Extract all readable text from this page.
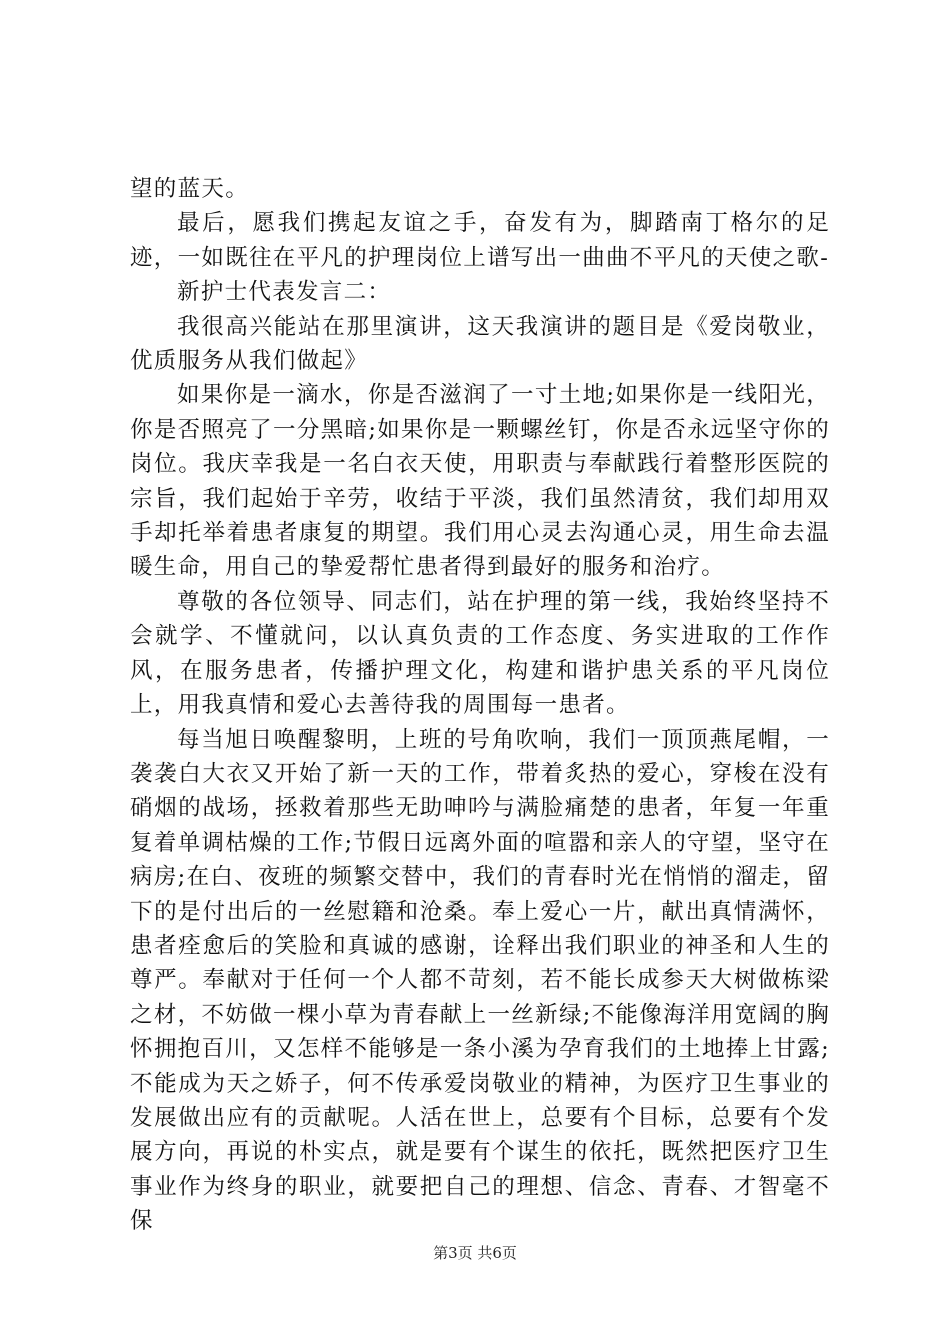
望的蓝天。

最后，愿我们携起友谊之手，奋发有为，脚踏南丁格尔的足迹，一如既往在平凡的护理岗位上谱写出一曲曲不平凡的天使之歌-

新护士代表发言二：

我很高兴能站在那里演讲，这天我演讲的题目是《爱岗敬业，优质服务从我们做起》

如果你是一滴水，你是否滋润了一寸土地;如果你是一线阳光，你是否照亮了一分黑暗;如果你是一颗螺丝钉，你是否永远坚守你的岗位。我庆幸我是一名白衣天使，用职责与奉献践行着整形医院的宗旨，我们起始于辛劳，收结于平淡，我们虽然清贫，我们却用双手却托举着患者康复的期望。我们用心灵去沟通心灵，用生命去温暖生命，用自己的挚爱帮忙患者得到最好的服务和治疗。

尊敬的各位领导、同志们，站在护理的第一线，我始终坚持不会就学、不懂就问，以认真负责的工作态度、务实进取的工作作风，在服务患者，传播护理文化，构建和谐护患关系的平凡岗位上，用我真情和爱心去善待我的周围每一患者。

每当旭日唤醒黎明，上班的号角吹响，我们一顶顶燕尾帽，一袭袭白大衣又开始了新一天的工作，带着炙热的爱心，穿梭在没有硝烟的战场，拯救着那些无助呻吟与满脸痛楚的患者，年复一年重复着单调枯燥的工作;节假日远离外面的喧嚣和亲人的守望，坚守在病房;在白、夜班的频繁交替中，我们的青春时光在悄悄的溜走，留下的是付出后的一丝慰籍和沧桑。奉上爱心一片，献出真情满怀，患者痊愈后的笑脸和真诚的感谢，诠释出我们职业的神圣和人生的尊严。奉献对于任何一个人都不苛刻，若不能长成参天大树做栋梁之材，不妨做一棵小草为青春献上一丝新绿;不能像海洋用宽阔的胸怀拥抱百川，又怎样不能够是一条小溪为孕育我们的土地捧上甘露;不能成为天之娇子，何不传承爱岗敬业的精神，为医疗卫生事业的发展做出应有的贡献呢。人活在世上，总要有个目标，总要有个发展方向，再说的朴实点，就是要有个谋生的依托，既然把医疗卫生事业作为终身的职业，就要把自己的理想、信念、青春、才智毫不保

第3页 共6页
